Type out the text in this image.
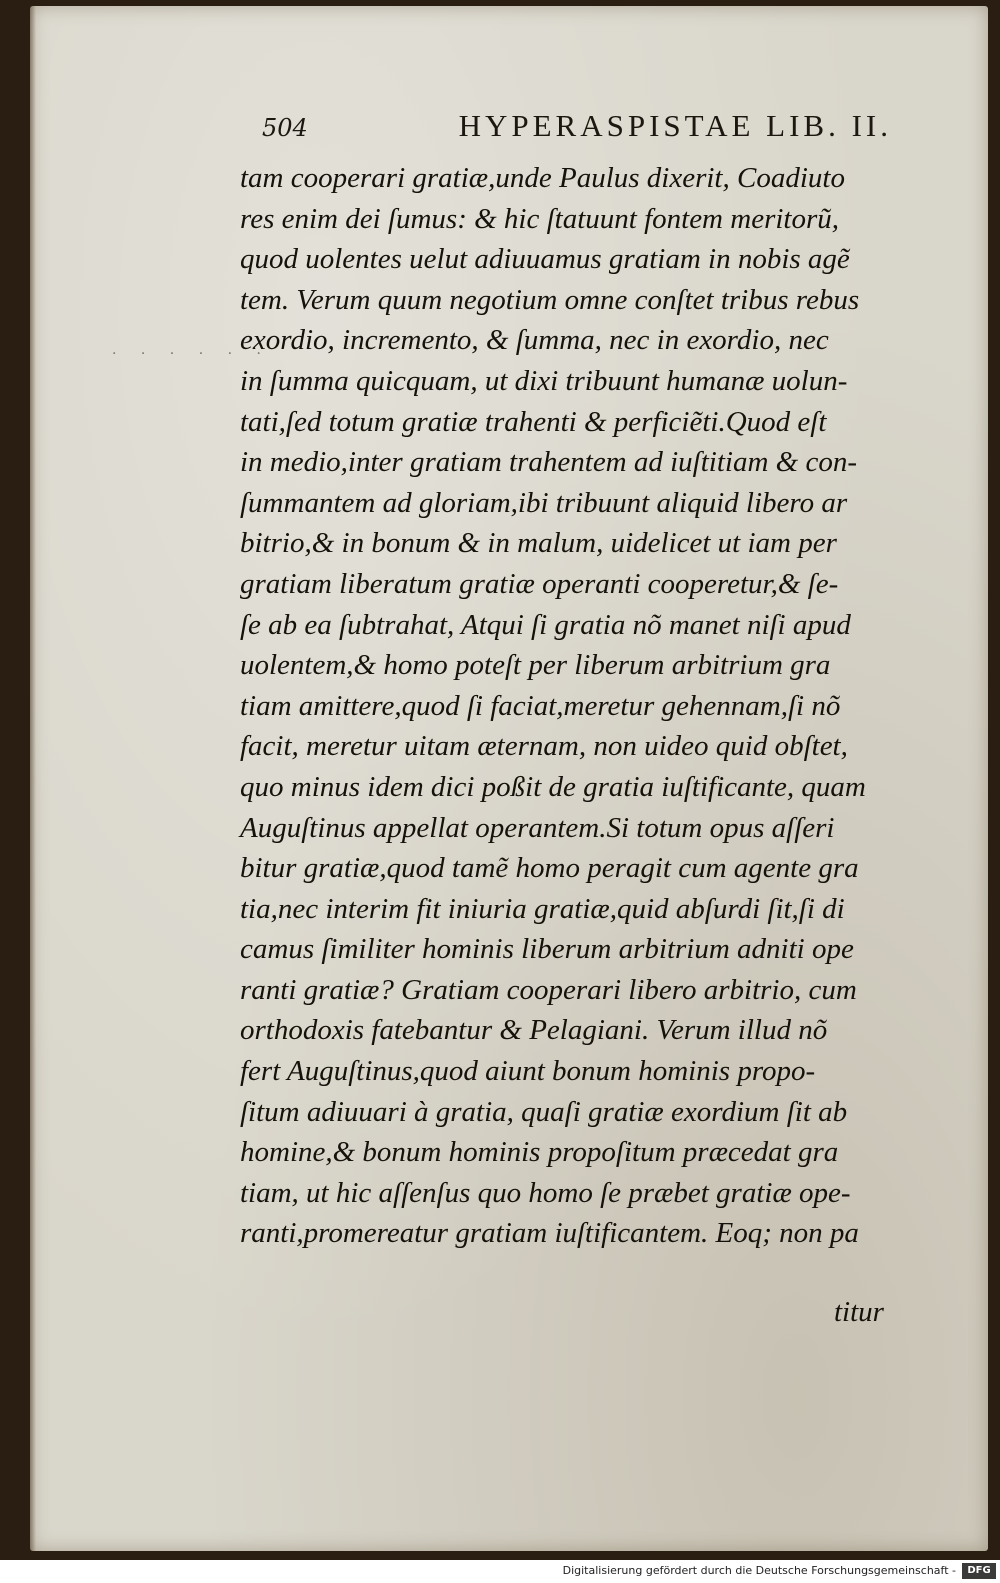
· · · · · ·
504	HYPERASPISTAE LIB. II.
tam cooperari gratiæ,unde Paulus dixerit, Coadiuto
res enim dei ſumus: & hic ſtatuunt fontem meritorũ,
quod uolentes uelut adiuuamus gratiam in nobis agẽ
tem. Verum quum negotium omne conſtet tribus rebus
exordio, incremento, & ſumma, nec in exordio, nec
in ſumma quicquam, ut dixi tribuunt humanæ uolun-
tati,ſed totum gratiæ trahenti & perficiẽti.Quod eſt
in medio,inter gratiam trahentem ad iuſtitiam & con-
ſummantem ad gloriam,ibi tribuunt aliquid libero ar
bitrio,& in bonum & in malum, uidelicet ut iam per
gratiam liberatum gratiæ operanti cooperetur,& ſe-
ſe ab ea ſubtrahat, Atqui ſi gratia nõ manet niſi apud
uolentem,& homo poteſt per liberum arbitrium gra
tiam amittere,quod ſi faciat,meretur gehennam,ſi nõ
facit, meretur uitam æternam, non uideo quid obſtet,
quo minus idem dici poßit de gratia iuſtificante, quam
Auguſtinus appellat operantem.Si totum opus aſſeri
bitur gratiæ,quod tamẽ homo peragit cum agente gra
tia,nec interim fit iniuria gratiæ,quid abſurdi ſit,ſi di
camus ſimiliter hominis liberum arbitrium adniti ope
ranti gratiæ? Gratiam cooperari libero arbitrio, cum
orthodoxis fatebantur & Pelagiani. Verum illud nõ
fert Auguſtinus,quod aiunt bonum hominis propo-
ſitum adiuuari à gratia, quaſi gratiæ exordium ſit ab
homine,& bonum hominis propoſitum præcedat gra
tiam, ut hic aſſenſus quo homo ſe præbet gratiæ ope-
ranti,promereatur gratiam iuſtificantem. Eoq; non pa
titur
Digitalisierung gefördert durch die Deutsche Forschungsgemeinschaft -	DFG
